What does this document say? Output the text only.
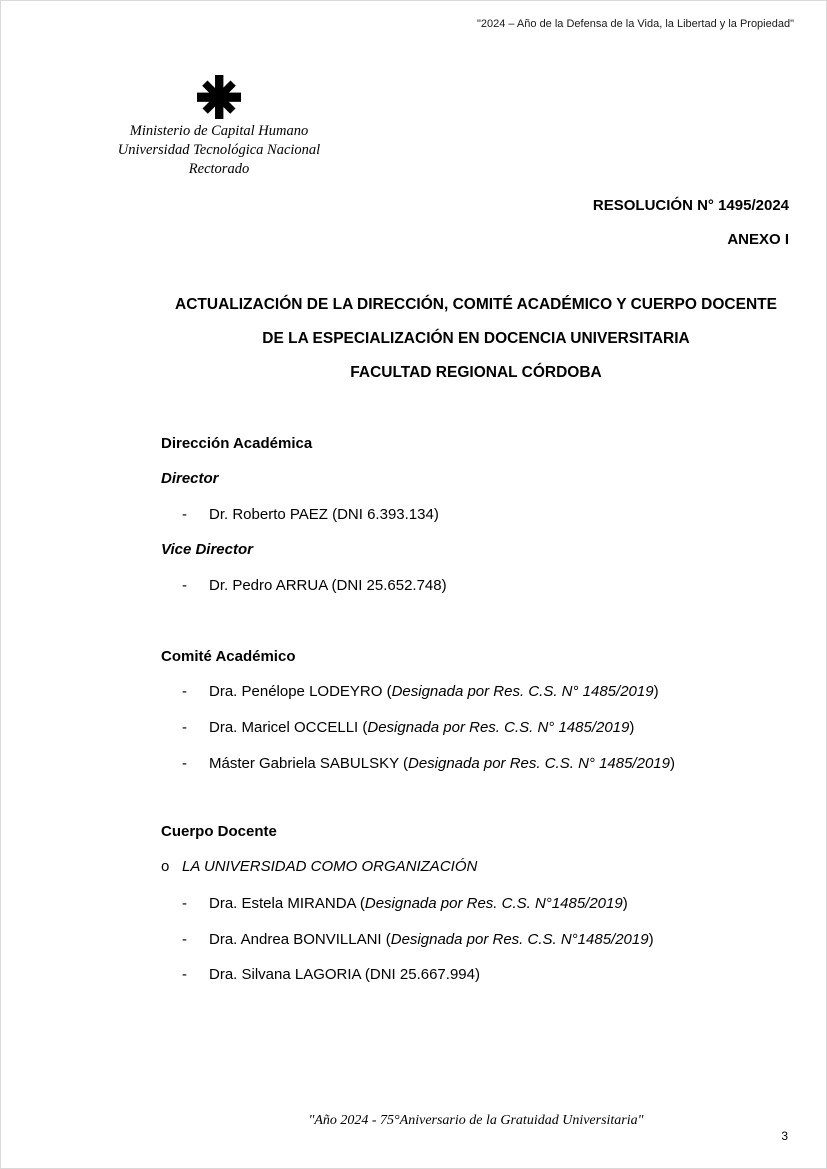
"2024 – Año de la Defensa de la Vida, la Libertad y la Propiedad"
Ministerio de Capital Humano
Universidad Tecnológica Nacional
Rectorado
RESOLUCIÓN N° 1495/2024
ANEXO I
ACTUALIZACIÓN DE LA DIRECCIÓN, COMITÉ ACADÉMICO Y CUERPO DOCENTE
DE LA ESPECIALIZACIÓN EN DOCENCIA UNIVERSITARIA
FACULTAD REGIONAL CÓRDOBA
Dirección Académica
Director
- Dr. Roberto PAEZ (DNI 6.393.134)
Vice Director
- Dr. Pedro ARRUA (DNI 25.652.748)
Comité Académico
- Dra. Penélope LODEYRO (Designada por Res. C.S. N° 1485/2019)
- Dra. Maricel OCCELLI (Designada por Res. C.S. N° 1485/2019)
- Máster Gabriela SABULSKY (Designada por Res. C.S. N° 1485/2019)
Cuerpo Docente
o LA UNIVERSIDAD COMO ORGANIZACIÓN
- Dra. Estela MIRANDA (Designada por Res. C.S. N°1485/2019)
- Dra. Andrea BONVILLANI (Designada por Res. C.S. N°1485/2019)
- Dra. Silvana LAGORIA (DNI 25.667.994)
"Año 2024 - 75°Aniversario de la Gratuidad Universitaria"
3
